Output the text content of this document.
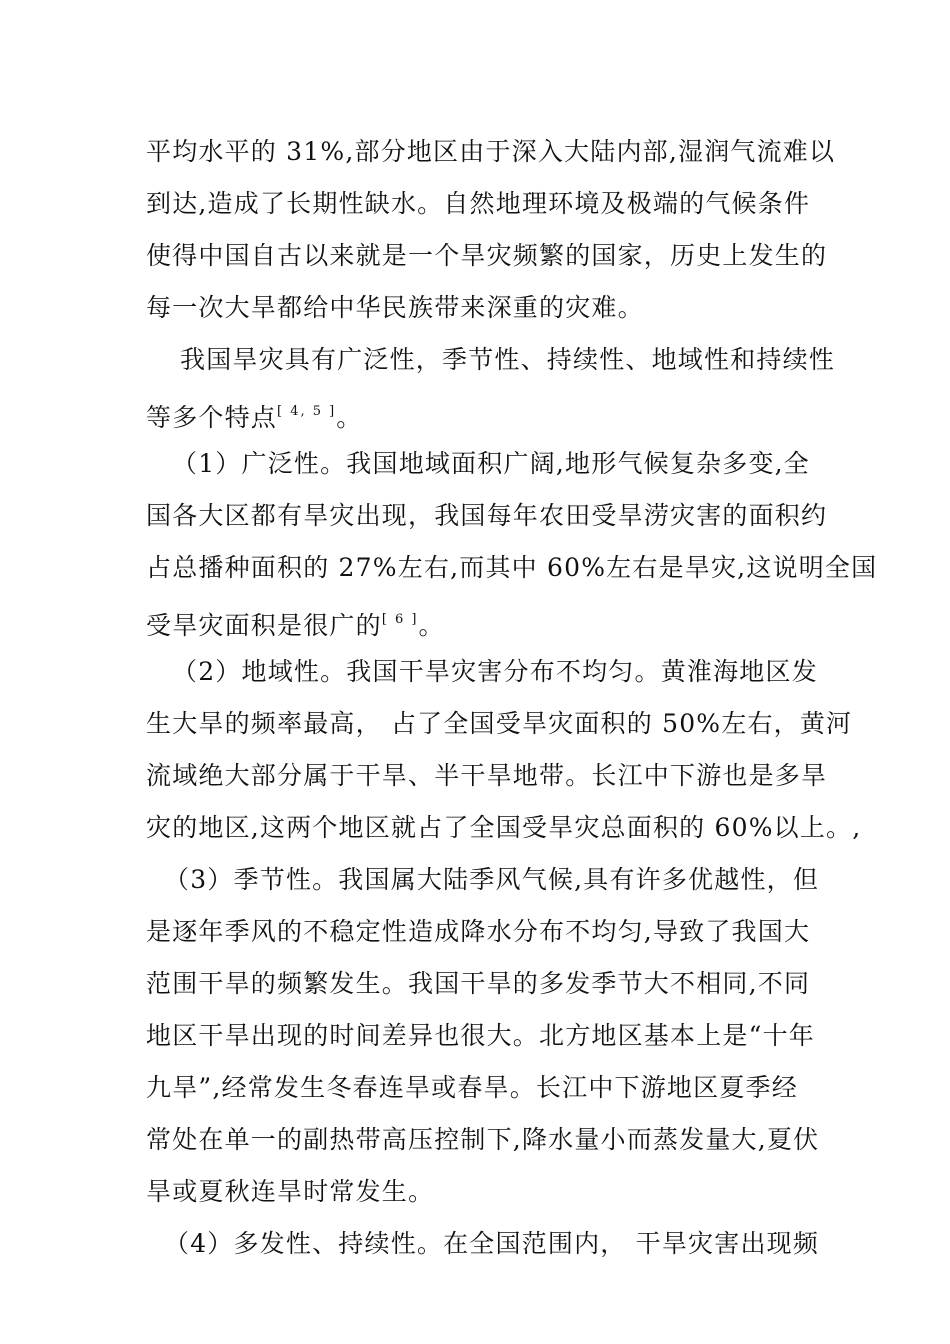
平均水平的 31%,部分地区由于深入大陆内部,湿润气流难以
到达,造成了长期性缺水。自然地理环境及极端的气候条件
使得中国自古以来就是一个旱灾频繁的国家，历史上发生的
每一次大旱都给中华民族带来深重的灾难。
我国旱灾具有广泛性，季节性、持续性、地域性和持续性
等多个特点[ 4, 5 ]。
（1）广泛性。我国地域面积广阔,地形气候复杂多变,全
国各大区都有旱灾出现，我国每年农田受旱涝灾害的面积约
占总播种面积的 27%左右,而其中 60%左右是旱灾,这说明全国
受旱灾面积是很广的[ 6 ]。
（2）地域性。我国干旱灾害分布不均匀。黄淮海地区发
生大旱的频率最高， 占了全国受旱灾面积的 50%左右，黄河
流域绝大部分属于干旱、半干旱地带。长江中下游也是多旱
灾的地区,这两个地区就占了全国受旱灾总面积的 60%以上。,
（3）季节性。我国属大陆季风气候,具有许多优越性，但
是逐年季风的不稳定性造成降水分布不均匀,导致了我国大
范围干旱的频繁发生。我国干旱的多发季节大不相同,不同
地区干旱出现的时间差异也很大。北方地区基本上是“十年
九旱”,经常发生冬春连旱或春旱。长江中下游地区夏季经
常处在单一的副热带高压控制下,降水量小而蒸发量大,夏伏
旱或夏秋连旱时常发生。
（4）多发性、持续性。在全国范围内， 干旱灾害出现频
